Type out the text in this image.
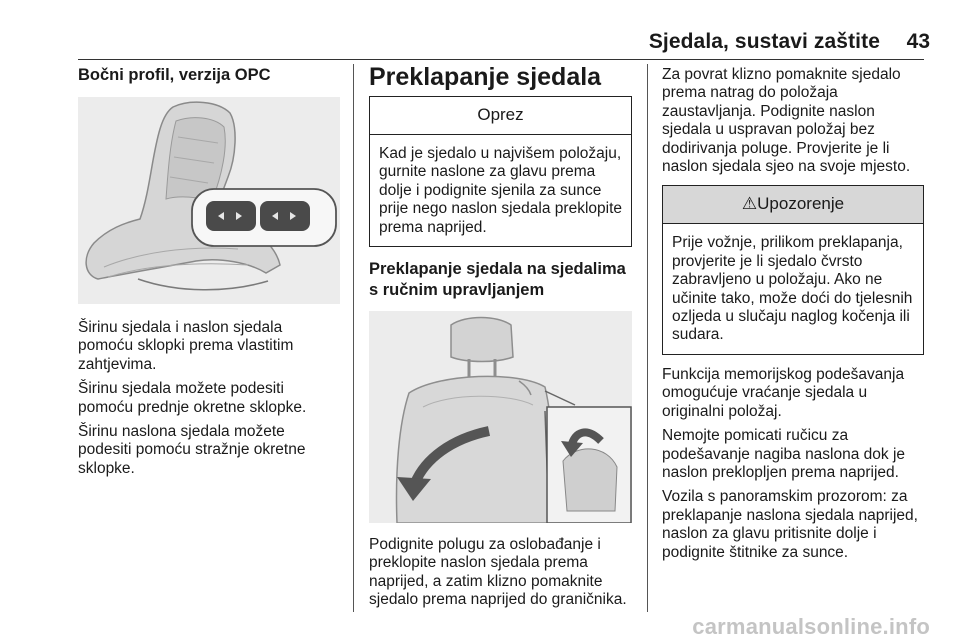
Sjedala, sustavi zaštite	43
Bočni profil, verzija OPC

Širinu sjedala i naslon sjedala pomoću sklopki prema vlastitim zahtjevima.

Širinu sjedala možete podesiti pomoću prednje okretne sklopke.

Širinu naslona sjedala možete podesiti pomoću stražnje okretne sklopke.

Preklapanje sjedala
Oprez

Kad je sjedalo u najvišem položaju, gurnite naslone za glavu prema dolje i podignite sjenila za sunce prije nego naslon sjedala preklopite prema naprijed.

Preklapanje sjedala na sjedalima s ručnim upravljanjem

Podignite polugu za oslobađanje i preklopite naslon sjedala prema naprijed, a zatim klizno pomaknite sjedalo prema naprijed do graničnika.

Za povrat klizno pomaknite sjedalo prema natrag do položaja zaustavljanja. Podignite naslon sjedala u uspravan položaj bez dodirivanja poluge. Provjerite je li naslon sjedala sjeo na svoje mjesto.

⚠Upozorenje

Prije vožnje, prilikom preklapanja, provjerite je li sjedalo čvrsto zabravljeno u položaju. Ako ne učinite tako, može doći do tjelesnih ozljeda u slučaju naglog kočenja ili sudara.

Funkcija memorijskog podešavanja omogućuje vraćanje sjedala u originalni položaj.

Nemojte pomicati ručicu za podešavanje nagiba naslona dok je naslon preklopljen prema naprijed.

Vozila s panoramskim prozorom: za preklapanje naslona sjedala naprijed, naslon za glavu pritisnite dolje i podignite štitnike za sunce.

carmanualsonline.info
